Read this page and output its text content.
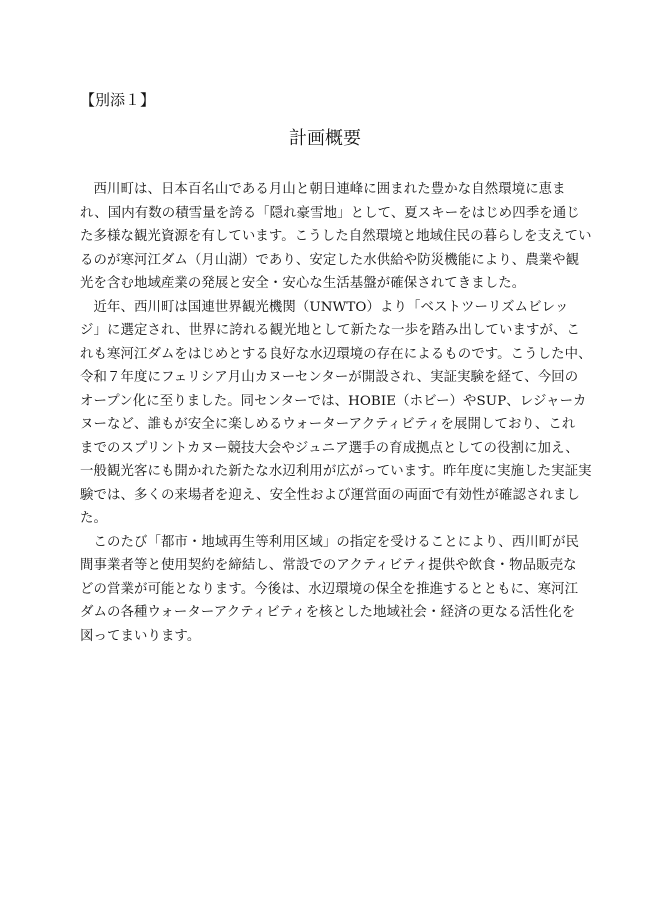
【別添１】
計画概要
　西川町は、日本百名山である月山と朝日連峰に囲まれた豊かな自然環境に恵ま
れ、国内有数の積雪量を誇る「隠れ豪雪地」として、夏スキーをはじめ四季を通じ
た多様な観光資源を有しています。こうした自然環境と地域住民の暮らしを支えてい
るのが寒河江ダム（月山湖）であり、安定した水供給や防災機能により、農業や観
光を含む地域産業の発展と安全・安心な生活基盤が確保されてきました。
　近年、西川町は国連世界観光機関（UNWTO）より「ベストツーリズムビレッ
ジ」に選定され、世界に誇れる観光地として新たな一歩を踏み出していますが、こ
れも寒河江ダムをはじめとする良好な水辺環境の存在によるものです。こうした中、
令和７年度にフェリシア月山カヌーセンターが開設され、実証実験を経て、今回の
オープン化に至りました。同センターでは、HOBIE（ホビー）やSUP、レジャーカ
ヌーなど、誰もが安全に楽しめるウォーターアクティビティを展開しており、これ
までのスプリントカヌー競技大会やジュニア選手の育成拠点としての役割に加え、
一般観光客にも開かれた新たな水辺利用が広がっています。昨年度に実施した実証実
験では、多くの来場者を迎え、安全性および運営面の両面で有効性が確認されまし
た。
　このたび「都市・地域再生等利用区域」の指定を受けることにより、西川町が民
間事業者等と使用契約を締結し、常設でのアクティビティ提供や飲食・物品販売な
どの営業が可能となります。今後は、水辺環境の保全を推進するとともに、寒河江
ダムの各種ウォーターアクティビティを核とした地域社会・経済の更なる活性化を
図ってまいります。
